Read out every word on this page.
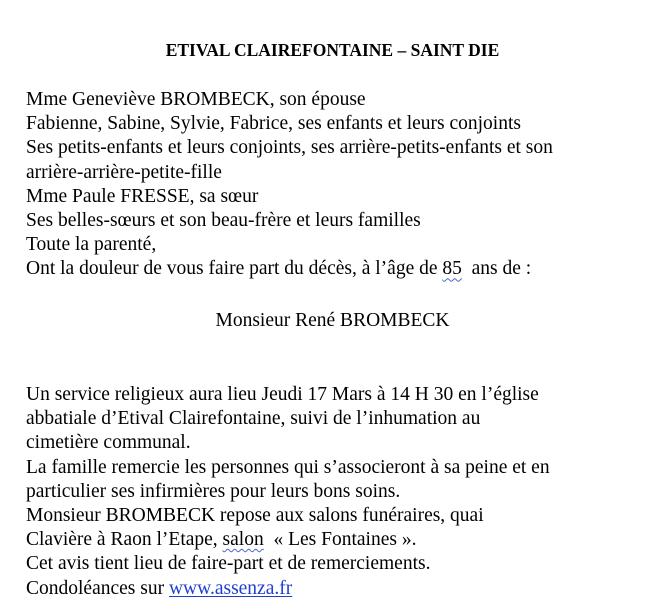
ETIVAL CLAIREFONTAINE – SAINT DIE
Mme Geneviève BROMBECK, son épouse
Fabienne, Sabine, Sylvie, Fabrice, ses enfants et leurs conjoints
Ses petits-enfants et leurs conjoints, ses arrière-petits-enfants et son
arrière-arrière-petite-fille
Mme Paule FRESSE, sa sœur
Ses belles-sœurs et son beau-frère et leurs familles
Toute la parenté,
Ont la douleur de vous faire part du décès, à l’âge de 85  ans de :
Monsieur René BROMBECK
Un service religieux aura lieu Jeudi 17 Mars à 14 H 30 en l’église
abbatiale d’Etival Clairefontaine, suivi de l’inhumation au
cimetière communal.
La famille remercie les personnes qui s’associeront à sa peine et en
particulier ses infirmières pour leurs bons soins.
Monsieur BROMBECK repose aux salons funéraires, quai
Clavière à Raon l’Etape, salon  « Les Fontaines ».
Cet avis tient lieu de faire-part et de remerciements.
Condoléances sur www.assenza.fr
